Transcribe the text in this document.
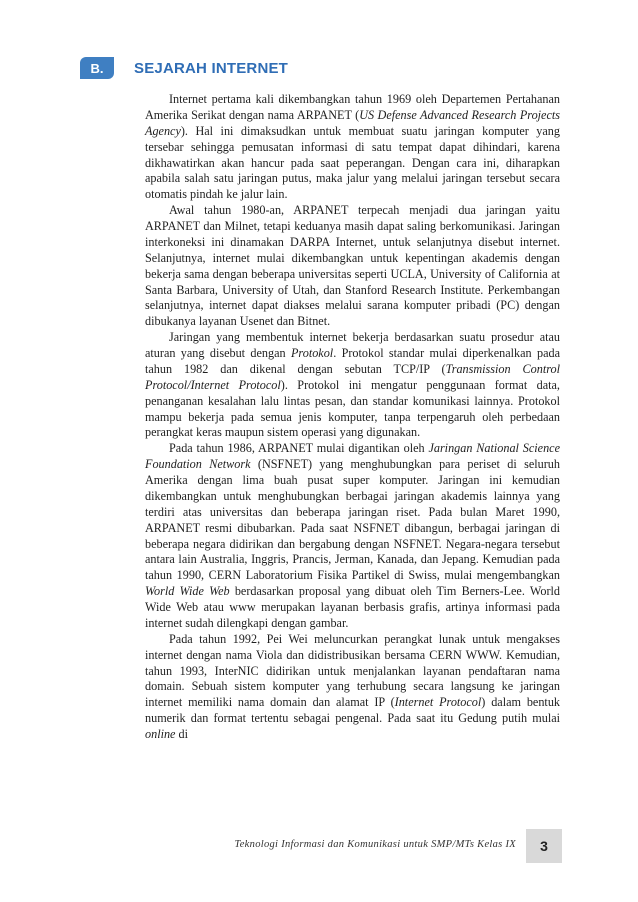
B.	SEJARAH INTERNET

Internet pertama kali dikembangkan tahun 1969 oleh Departemen Pertahanan Amerika Serikat dengan nama ARPANET (US Defense Advanced Research Projects Agency). Hal ini dimaksudkan untuk membuat suatu jaringan komputer yang tersebar sehingga pemusatan informasi di satu tempat dapat dihindari, karena dikhawatirkan akan hancur pada saat peperangan. Dengan cara ini, diharapkan apabila salah satu jaringan putus, maka jalur yang melalui jaringan tersebut secara otomatis pindah ke jalur lain.

Awal tahun 1980-an, ARPANET terpecah menjadi dua jaringan yaitu ARPANET dan Milnet, tetapi keduanya masih dapat saling berkomunikasi. Jaringan interkoneksi ini dinamakan DARPA Internet, untuk selanjutnya disebut internet. Selanjutnya, internet mulai dikembangkan untuk kepentingan akademis dengan bekerja sama dengan beberapa universitas seperti UCLA, University of California at Santa Barbara, University of Utah, dan Stanford Research Institute. Perkembangan selanjutnya, internet dapat diakses melalui sarana komputer pribadi (PC) dengan dibukanya layanan Usenet dan Bitnet.

Jaringan yang membentuk internet bekerja berdasarkan suatu prosedur atau aturan yang disebut dengan Protokol. Protokol standar mulai diperkenalkan pada tahun 1982 dan dikenal dengan sebutan TCP/IP (Transmission Control Protocol/Internet Protocol). Protokol ini mengatur penggunaan format data, penanganan kesalahan lalu lintas pesan, dan standar komunikasi lainnya. Protokol mampu bekerja pada semua jenis komputer, tanpa terpengaruh oleh perbedaan perangkat keras maupun sistem operasi yang digunakan.

Pada tahun 1986, ARPANET mulai digantikan oleh Jaringan National Science Foundation Network (NSFNET) yang menghubungkan para periset di seluruh Amerika dengan lima buah pusat super komputer. Jaringan ini kemudian dikembangkan untuk menghubungkan berbagai jaringan akademis lainnya yang terdiri atas universitas dan beberapa jaringan riset. Pada bulan Maret 1990, ARPANET resmi dibubarkan. Pada saat NSFNET dibangun, berbagai jaringan di beberapa negara didirikan dan bergabung dengan NSFNET. Negara-negara tersebut antara lain Australia, Inggris, Prancis, Jerman, Kanada, dan Jepang. Kemudian pada tahun 1990, CERN Laboratorium Fisika Partikel di Swiss, mulai mengembangkan World Wide Web berdasarkan proposal yang dibuat oleh Tim Berners-Lee. World Wide Web atau www merupakan layanan berbasis grafis, artinya informasi pada internet sudah dilengkapi dengan gambar.

Pada tahun 1992, Pei Wei meluncurkan perangkat lunak untuk mengakses internet dengan nama Viola dan didistribusikan bersama CERN WWW. Kemudian, tahun 1993, InterNIC didirikan untuk menjalankan layanan pendaftaran nama domain. Sebuah sistem komputer yang terhubung secara langsung ke jaringan internet memiliki nama domain dan alamat IP (Internet Protocol) dalam bentuk numerik dan format tertentu sebagai pengenal. Pada saat itu Gedung putih mulai online di

Teknologi Informasi dan Komunikasi untuk SMP/MTs Kelas IX 3
